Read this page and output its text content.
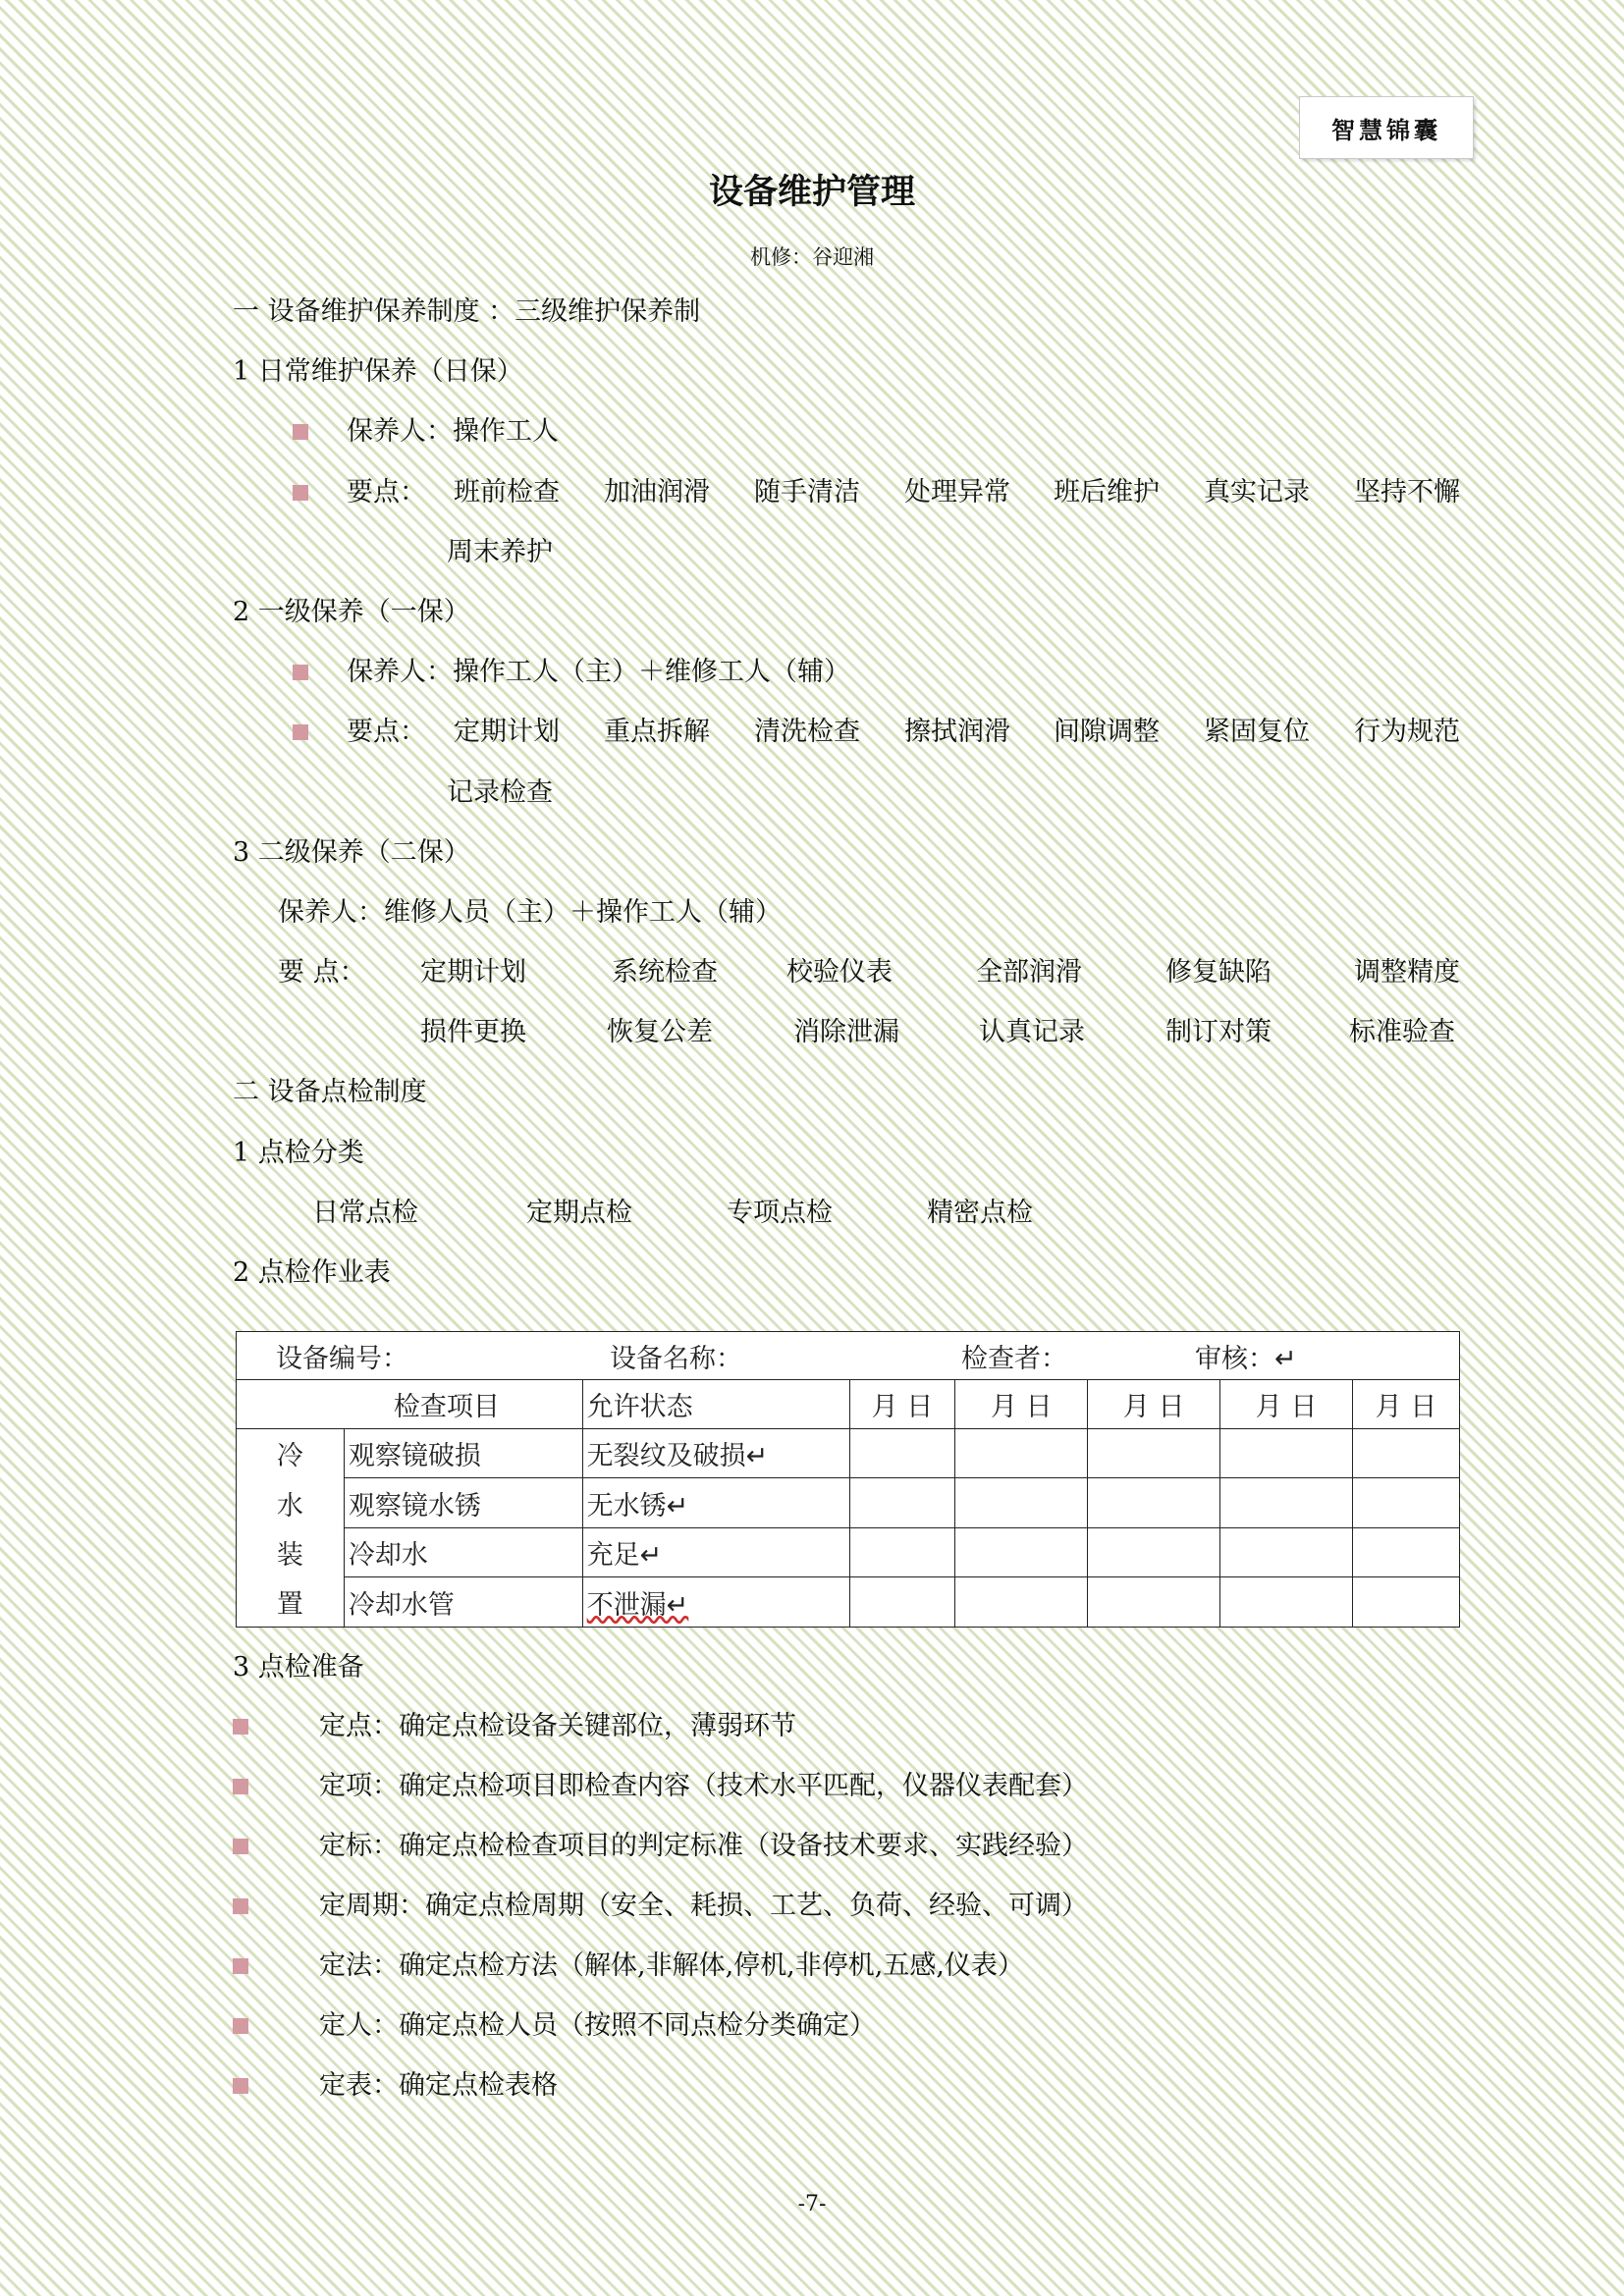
智慧锦囊
设备维护管理
机修：谷迎湘
一 设备维护保养制度 ：三级维护保养制
1 日常维护保养（日保）
保养人：操作工人
要点： 班前检查 加油润滑 随手清洁 处理异常 班后维护 真实记录 坚持不懈
周末养护
2 一级保养（一保）
保养人：操作工人（主）＋维修工人（辅）
要点： 定期计划 重点拆解 清洗检查 擦拭润滑 间隙调整 紧固复位 行为规范
记录检查
3 二级保养（二保）
保养人：维修人员（主）＋操作工人（辅）
要 点： 定期计划	系统检查	校验仪表	全部润滑	修复缺陷	调整精度
损件更换	恢复公差	消除泄漏	认真记录	制订对策	标准验查
二 设备点检制度
1 点检分类
日常点检	定期点检	专项点检	精密点检
2 点检作业表
设备编号： 设备名称： 检查者： 审核：↵							
检查项目		允许状态	月 日	月 日	月 日	月 日	月 日
冷	观察镜破损	无裂纹及破损↵					
水	观察镜水锈	无水锈↵					
装	冷却水	充足↵					
置	冷却水管	不泄漏↵					
3 点检准备
定点：确定点检设备关键部位，薄弱环节
定项：确定点检项目即检查内容（技术水平匹配，仪器仪表配套）
定标：确定点检检查项目的判定标准（设备技术要求、实践经验）
定周期：确定点检周期（安全、耗损、工艺、负荷、经验、可调）
定法：确定点检方法（解体,非解体,停机,非停机,五感,仪表）
定人：确定点检人员（按照不同点检分类确定）
定表：确定点检表格
-7-
